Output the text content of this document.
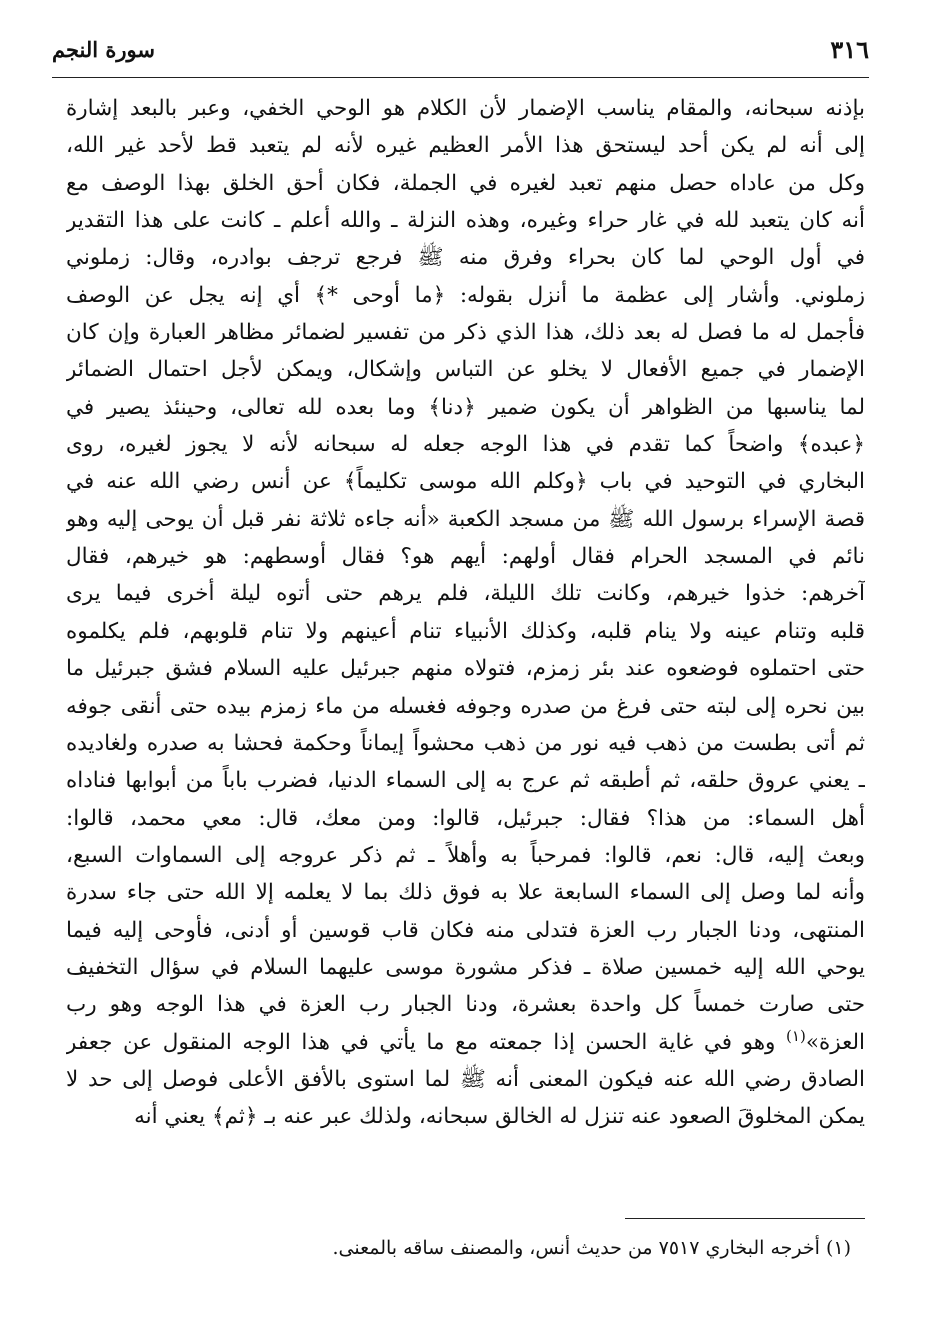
٣١٦
سورة النجم
بإذنه سبحانه، والمقام يناسب الإضمار لأن الكلام هو الوحي الخفي، وعبر بالبعد إشارة
إلى أنه لم يكن أحد ليستحق هذا الأمر العظيم غيره لأنه لم يتعبد قط لأحد غير الله،
وكل من عاداه حصل منهم تعبد لغيره في الجملة، فكان أحق الخلق بهذا الوصف مع
أنه كان يتعبد لله في غار حراء وغيره، وهذه النزلة ـ والله أعلم ـ كانت على هذا التقدير
في أول الوحي لما كان بحراء وفرق منه ﷺ فرجع ترجف بوادره، وقال: زملوني
زملوني. وأشار إلى عظمة ما أنزل بقوله: ﴿ما أوحى *﴾ أي إنه يجل عن الوصف
فأجمل له ما فصل له بعد ذلك، هذا الذي ذكر من تفسير لضمائر مظاهر العبارة وإن كان
الإضمار في جميع الأفعال لا يخلو عن التباس وإشكال، ويمكن لأجل احتمال الضمائر
لما يناسبها من الظواهر أن يكون ضمير ﴿دنا﴾ وما بعده لله تعالى، وحينئذ يصير في
﴿عبده﴾ واضحاً كما تقدم في هذا الوجه جعله له سبحانه لأنه لا يجوز لغيره، روى
البخاري في التوحيد في باب ﴿وكلم الله موسى تكليماً﴾ عن أنس رضي الله عنه في
قصة الإسراء برسول الله ﷺ من مسجد الكعبة «أنه جاءه ثلاثة نفر قبل أن يوحى إليه وهو
نائم في المسجد الحرام فقال أولهم: أيهم هو؟ فقال أوسطهم: هو خيرهم، فقال
آخرهم: خذوا خيرهم، وكانت تلك الليلة، فلم يرهم حتى أتوه ليلة أخرى فيما يرى
قلبه وتنام عينه ولا ينام قلبه، وكذلك الأنبياء تنام أعينهم ولا تنام قلوبهم، فلم يكلموه
حتى احتملوه فوضعوه عند بئر زمزم، فتولاه منهم جبرئيل عليه السلام فشق جبرئيل ما
بين نحره إلى لبته حتى فرغ من صدره وجوفه فغسله من ماء زمزم بيده حتى أنقى جوفه
ثم أتى بطست من ذهب فيه نور من ذهب محشواً إيماناً وحكمة فحشا به صدره ولغاديده
ـ يعني عروق حلقه، ثم أطبقه ثم عرج به إلى السماء الدنيا، فضرب باباً من أبوابها فناداه
أهل السماء: من هذا؟ فقال: جبرئيل، قالوا: ومن معك، قال: معي محمد، قالوا:
وبعث إليه، قال: نعم، قالوا: فمرحباً به وأهلاً ـ ثم ذكر عروجه إلى السماوات السبع،
وأنه لما وصل إلى السماء السابعة علا به فوق ذلك بما لا يعلمه إلا الله حتى جاء سدرة
المنتهى، ودنا الجبار رب العزة فتدلى منه فكان قاب قوسين أو أدنى، فأوحى إليه فيما
يوحي الله إليه خمسين صلاة ـ فذكر مشورة موسى عليهما السلام في سؤال التخفيف
حتى صارت خمساً كل واحدة بعشرة، ودنا الجبار رب العزة في هذا الوجه وهو رب
العزة»$^{(١)}$ وهو في غاية الحسن إذا جمعته مع ما يأتي في هذا الوجه المنقول عن جعفر
الصادق رضي الله عنه فيكون المعنى أنه ﷺ لما استوى بالأفق الأعلى فوصل إلى حد لا
يمكن المخلوقَ الصعود عنه تنزل له الخالق سبحانه، ولذلك عبر عنه بـ ﴿ثم﴾ يعني أنه
(١) أخرجه البخاري ٧٥١٧ من حديث أنس، والمصنف ساقه بالمعنى.
